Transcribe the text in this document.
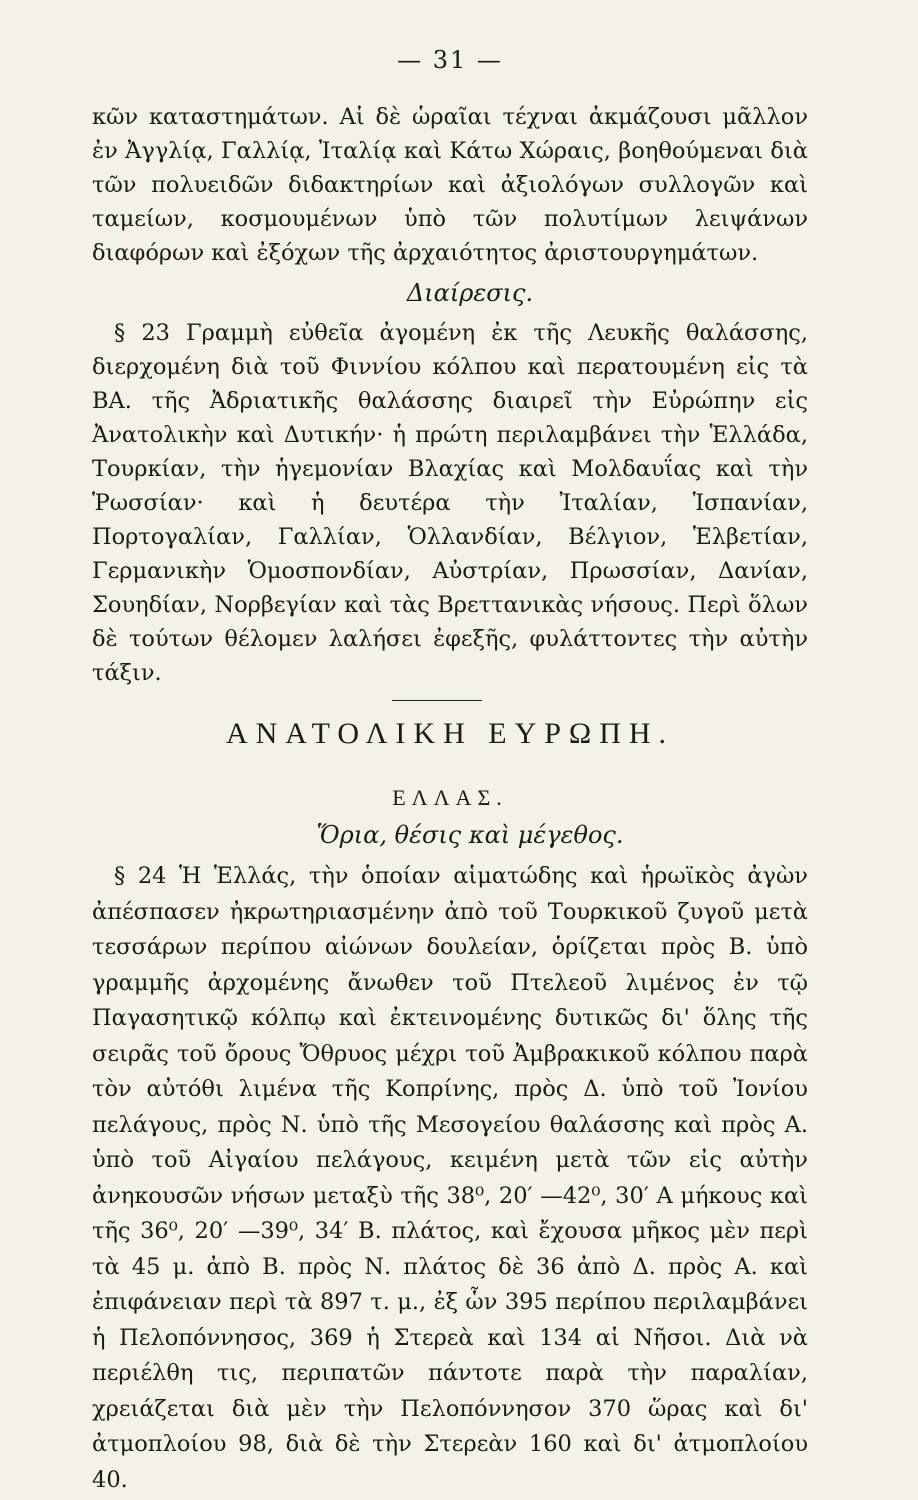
— 31 —

κῶν καταστημάτων. Αἱ δὲ ὡραῖαι τέχναι ἀκμάζουσι μᾶλλον ἐν Ἀγγλίᾳ, Γαλλίᾳ, Ἰταλίᾳ καὶ Κάτω Χώραις, βοηθούμεναι διὰ τῶν πολυειδῶν διδακτηρίων καὶ ἀξιολόγων συλλογῶν καὶ ταμείων, κοσμουμένων ὑπὸ τῶν πολυτίμων λειψάνων διαφόρων καὶ ἐξόχων τῆς ἀρχαιότητος ἀριστουργημάτων.

Διαίρεσις.

§ 23 Γραμμὴ εὐθεῖα ἀγομένη ἐκ τῆς Λευκῆς θαλάσσης, διερχομένη διὰ τοῦ Φιννίου κόλπου καὶ περατουμένη εἰς τὰ ΒΑ. τῆς Ἀδριατικῆς θαλάσσης διαιρεῖ τὴν Εὐρώπην εἰς Ἀνατολικὴν καὶ Δυτικήν· ἡ πρώτη περιλαμβάνει τὴν Ἑλλάδα, Τουρκίαν, τὴν ἡγεμονίαν Βλαχίας καὶ Μολδαυΐας καὶ τὴν Ῥωσσίαν· καὶ ἡ δευτέρα τὴν Ἰταλίαν, Ἱσπανίαν, Πορτογαλίαν, Γαλλίαν, Ὁλλανδίαν, Βέλγιον, Ἑλβετίαν, Γερμανικὴν Ὁμοσπονδίαν, Αὐστρίαν, Πρωσσίαν, Δανίαν, Σουηδίαν, Νορβεγίαν καὶ τὰς Βρεττανικὰς νήσους. Περὶ ὅλων δὲ τούτων θέλομεν λαλήσει ἐφεξῆς, φυλάττοντες τὴν αὐτὴν τάξιν.

ΑΝΑΤΟΛΙΚΗ ΕΥΡΩΠΗ.
ΕΛΛΑΣ.
Ὅρια, θέσις καὶ μέγεθος.

§ 24 Ἡ Ἑλλάς, τὴν ὁποίαν αἱματώδης καὶ ἡρωϊκὸς ἀγὼν ἀπέσπασεν ἠκρωτηριασμένην ἀπὸ τοῦ Τουρκικοῦ ζυγοῦ μετὰ τεσσάρων περίπου αἰώνων δουλείαν, ὁρίζεται πρὸς Β. ὑπὸ γραμμῆς ἀρχομένης ἄνωθεν τοῦ Πτελεοῦ λιμένος ἐν τῷ Παγασητικῷ κόλπῳ καὶ ἐκτεινομένης δυτικῶς δι' ὅλης τῆς σειρᾶς τοῦ ὄρους Ὄθρυος μέχρι τοῦ Ἀμβρακικοῦ κόλπου παρὰ τὸν αὐτόθι λιμένα τῆς Κοπρίνης, πρὸς Δ. ὑπὸ τοῦ Ἰονίου πελάγους, πρὸς Ν. ὑπὸ τῆς Μεσογείου θαλάσσης καὶ πρὸς Α. ὑπὸ τοῦ Αἰγαίου πελάγους, κειμένη μετὰ τῶν εἰς αὐτὴν ἀνηκουσῶν νήσων μεταξὺ τῆς 38⁰, 20′ —42⁰, 30′ Α μήκους καὶ τῆς 36⁰, 20′ —39⁰, 34′ Β. πλάτος, καὶ ἔχουσα μῆκος μὲν περὶ τὰ 45 μ. ἀπὸ Β. πρὸς Ν. πλάτος δὲ 36 ἀπὸ Δ. πρὸς Α. καὶ ἐπιφάνειαν περὶ τὰ 897 τ. μ., ἐξ ὧν 395 περίπου περιλαμβάνει ἡ Πελοπόννησος, 369 ἡ Στερεὰ καὶ 134 αἱ Νῆσοι. Διὰ νὰ περιέλθη τις, περιπατῶν πάντοτε παρὰ τὴν παραλίαν, χρειάζεται διὰ μὲν τὴν Πελοπόννησον 370 ὥρας καὶ δι' ἀτμοπλοίου 98, διὰ δὲ τὴν Στερεὰν 160 καὶ δι' ἀτμοπλοίου 40.
